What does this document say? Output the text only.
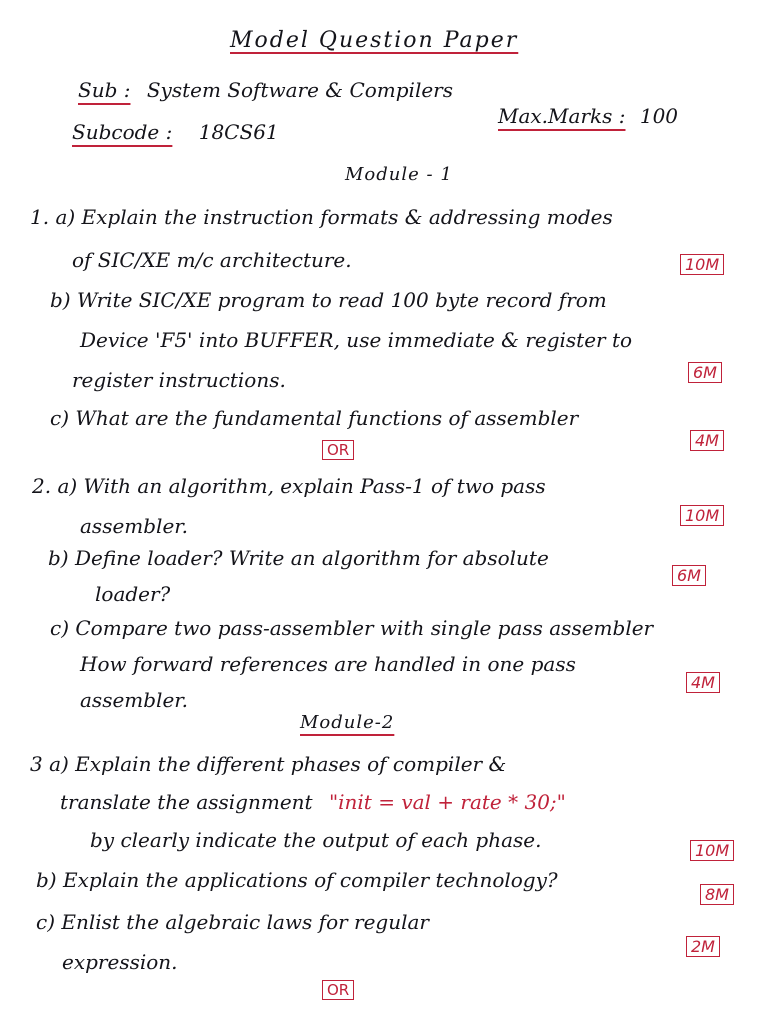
Model Question Paper
Sub : System Software & Compilers
Max.Marks : 100
Subcode : 18CS61
Module - 1
1. a) Explain the instruction formats & addressing modes
of SIC/XE m/c architecture.	10M
b) Write SIC/XE program to read 100 byte record from
Device 'F5' into BUFFER, use immediate & register to
register instructions.	6M
c) What are the fundamental functions of assembler
4M
OR
2. a) With an algorithm, explain Pass-1 of two pass
assembler.	10M
b) Define loader? Write an algorithm for absolute
loader?
6M
c) Compare two pass-assembler with single pass assembler
How forward references are handled in one pass
assembler.
4M
Module-2
3 a) Explain the different phases of compiler &
translate the assignment "init = val + rate * 30;"
by clearly indicate the output of each phase.	10M
b) Explain the applications of compiler technology?
8M
c) Enlist the algebraic laws for regular
expression.
2M
OR
